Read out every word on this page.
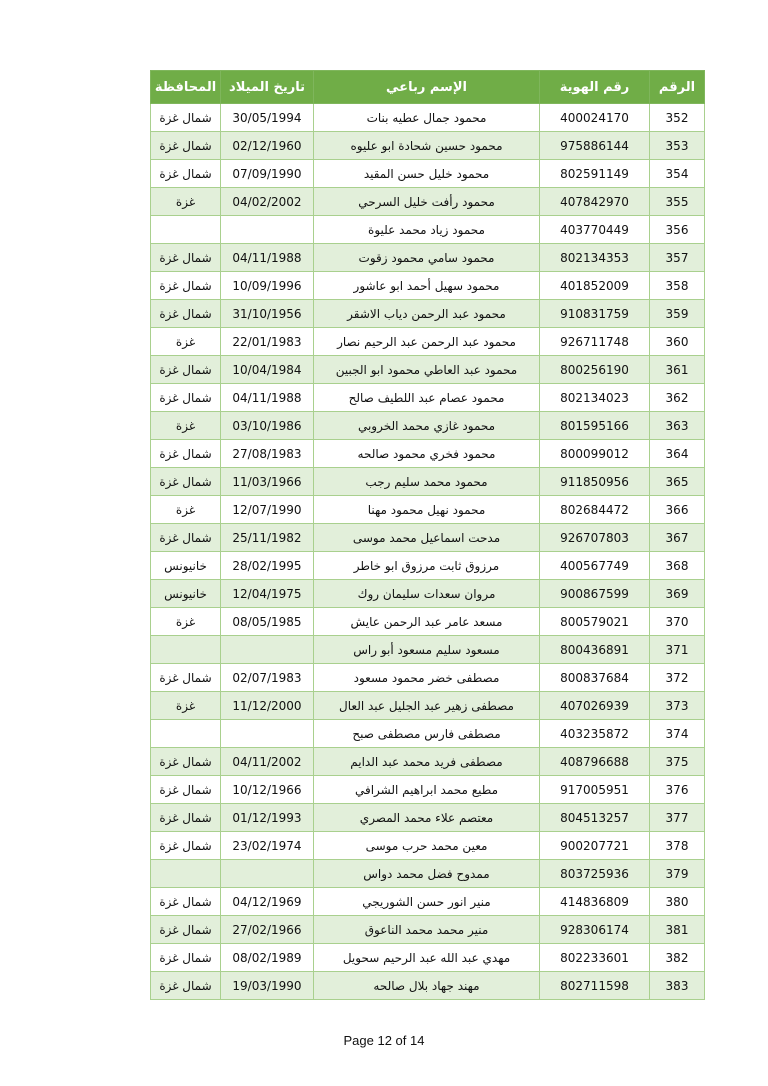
الرقم	رقم الهوية	الإسم رباعي	تاريخ الميلاد	المحافظة
352	400024170	محمود جمال عطيه بنات	30/05/1994	شمال غزة
353	975886144	محمود حسين شحادة ابو عليوه	02/12/1960	شمال غزة
354	802591149	محمود خليل حسن المقيد	07/09/1990	شمال غزة
355	407842970	محمود رأفت خليل السرحي	04/02/2002	غزة
356	403770449	محمود زياد محمد عليوة		
357	802134353	محمود سامي محمود زقوت	04/11/1988	شمال غزة
358	401852009	محمود سهيل أحمد ابو عاشور	10/09/1996	شمال غزة
359	910831759	محمود عبد الرحمن دياب الاشقر	31/10/1956	شمال غزة
360	926711748	محمود عبد الرحمن عبد الرحيم نصار	22/01/1983	غزة
361	800256190	محمود عبد العاطي محمود ابو الجبين	10/04/1984	شمال غزة
362	802134023	محمود عصام عبد اللطيف صالح	04/11/1988	شمال غزة
363	801595166	محمود غازي محمد الخروبي	03/10/1986	غزة
364	800099012	محمود فخري محمود صالحه	27/08/1983	شمال غزة
365	911850956	محمود محمد سليم رجب	11/03/1966	شمال غزة
366	802684472	محمود نهيل محمود مهنا	12/07/1990	غزة
367	926707803	مدحت اسماعيل محمد موسى	25/11/1982	شمال غزة
368	400567749	مرزوق ثابت مرزوق ابو خاطر	28/02/1995	خانيونس
369	900867599	مروان سعدات سليمان روك	12/04/1975	خانيونس
370	800579021	مسعد عامر عبد الرحمن عايش	08/05/1985	غزة
371	800436891	مسعود سليم مسعود أبو راس		
372	800837684	مصطفى خضر محمود مسعود	02/07/1983	شمال غزة
373	407026939	مصطفى زهير عبد الجليل عبد العال	11/12/2000	غزة
374	403235872	مصطفى فارس مصطفى صبح		
375	408796688	مصطفى فريد محمد عبد الدايم	04/11/2002	شمال غزة
376	917005951	مطيع محمد ابراهيم الشرافي	10/12/1966	شمال غزة
377	804513257	معتصم علاء محمد المصري	01/12/1993	شمال غزة
378	900207721	معين محمد حرب موسى	23/02/1974	شمال غزة
379	803725936	ممدوح فضل محمد دواس		
380	414836809	منير انور حسن الشوريجي	04/12/1969	شمال غزة
381	928306174	منير محمد محمد الناعوق	27/02/1966	شمال غزة
382	802233601	مهدي عبد الله عبد الرحيم سحويل	08/02/1989	شمال غزة
383	802711598	مهند جهاد بلال صالحه	19/03/1990	شمال غزة
Page 12 of 14
